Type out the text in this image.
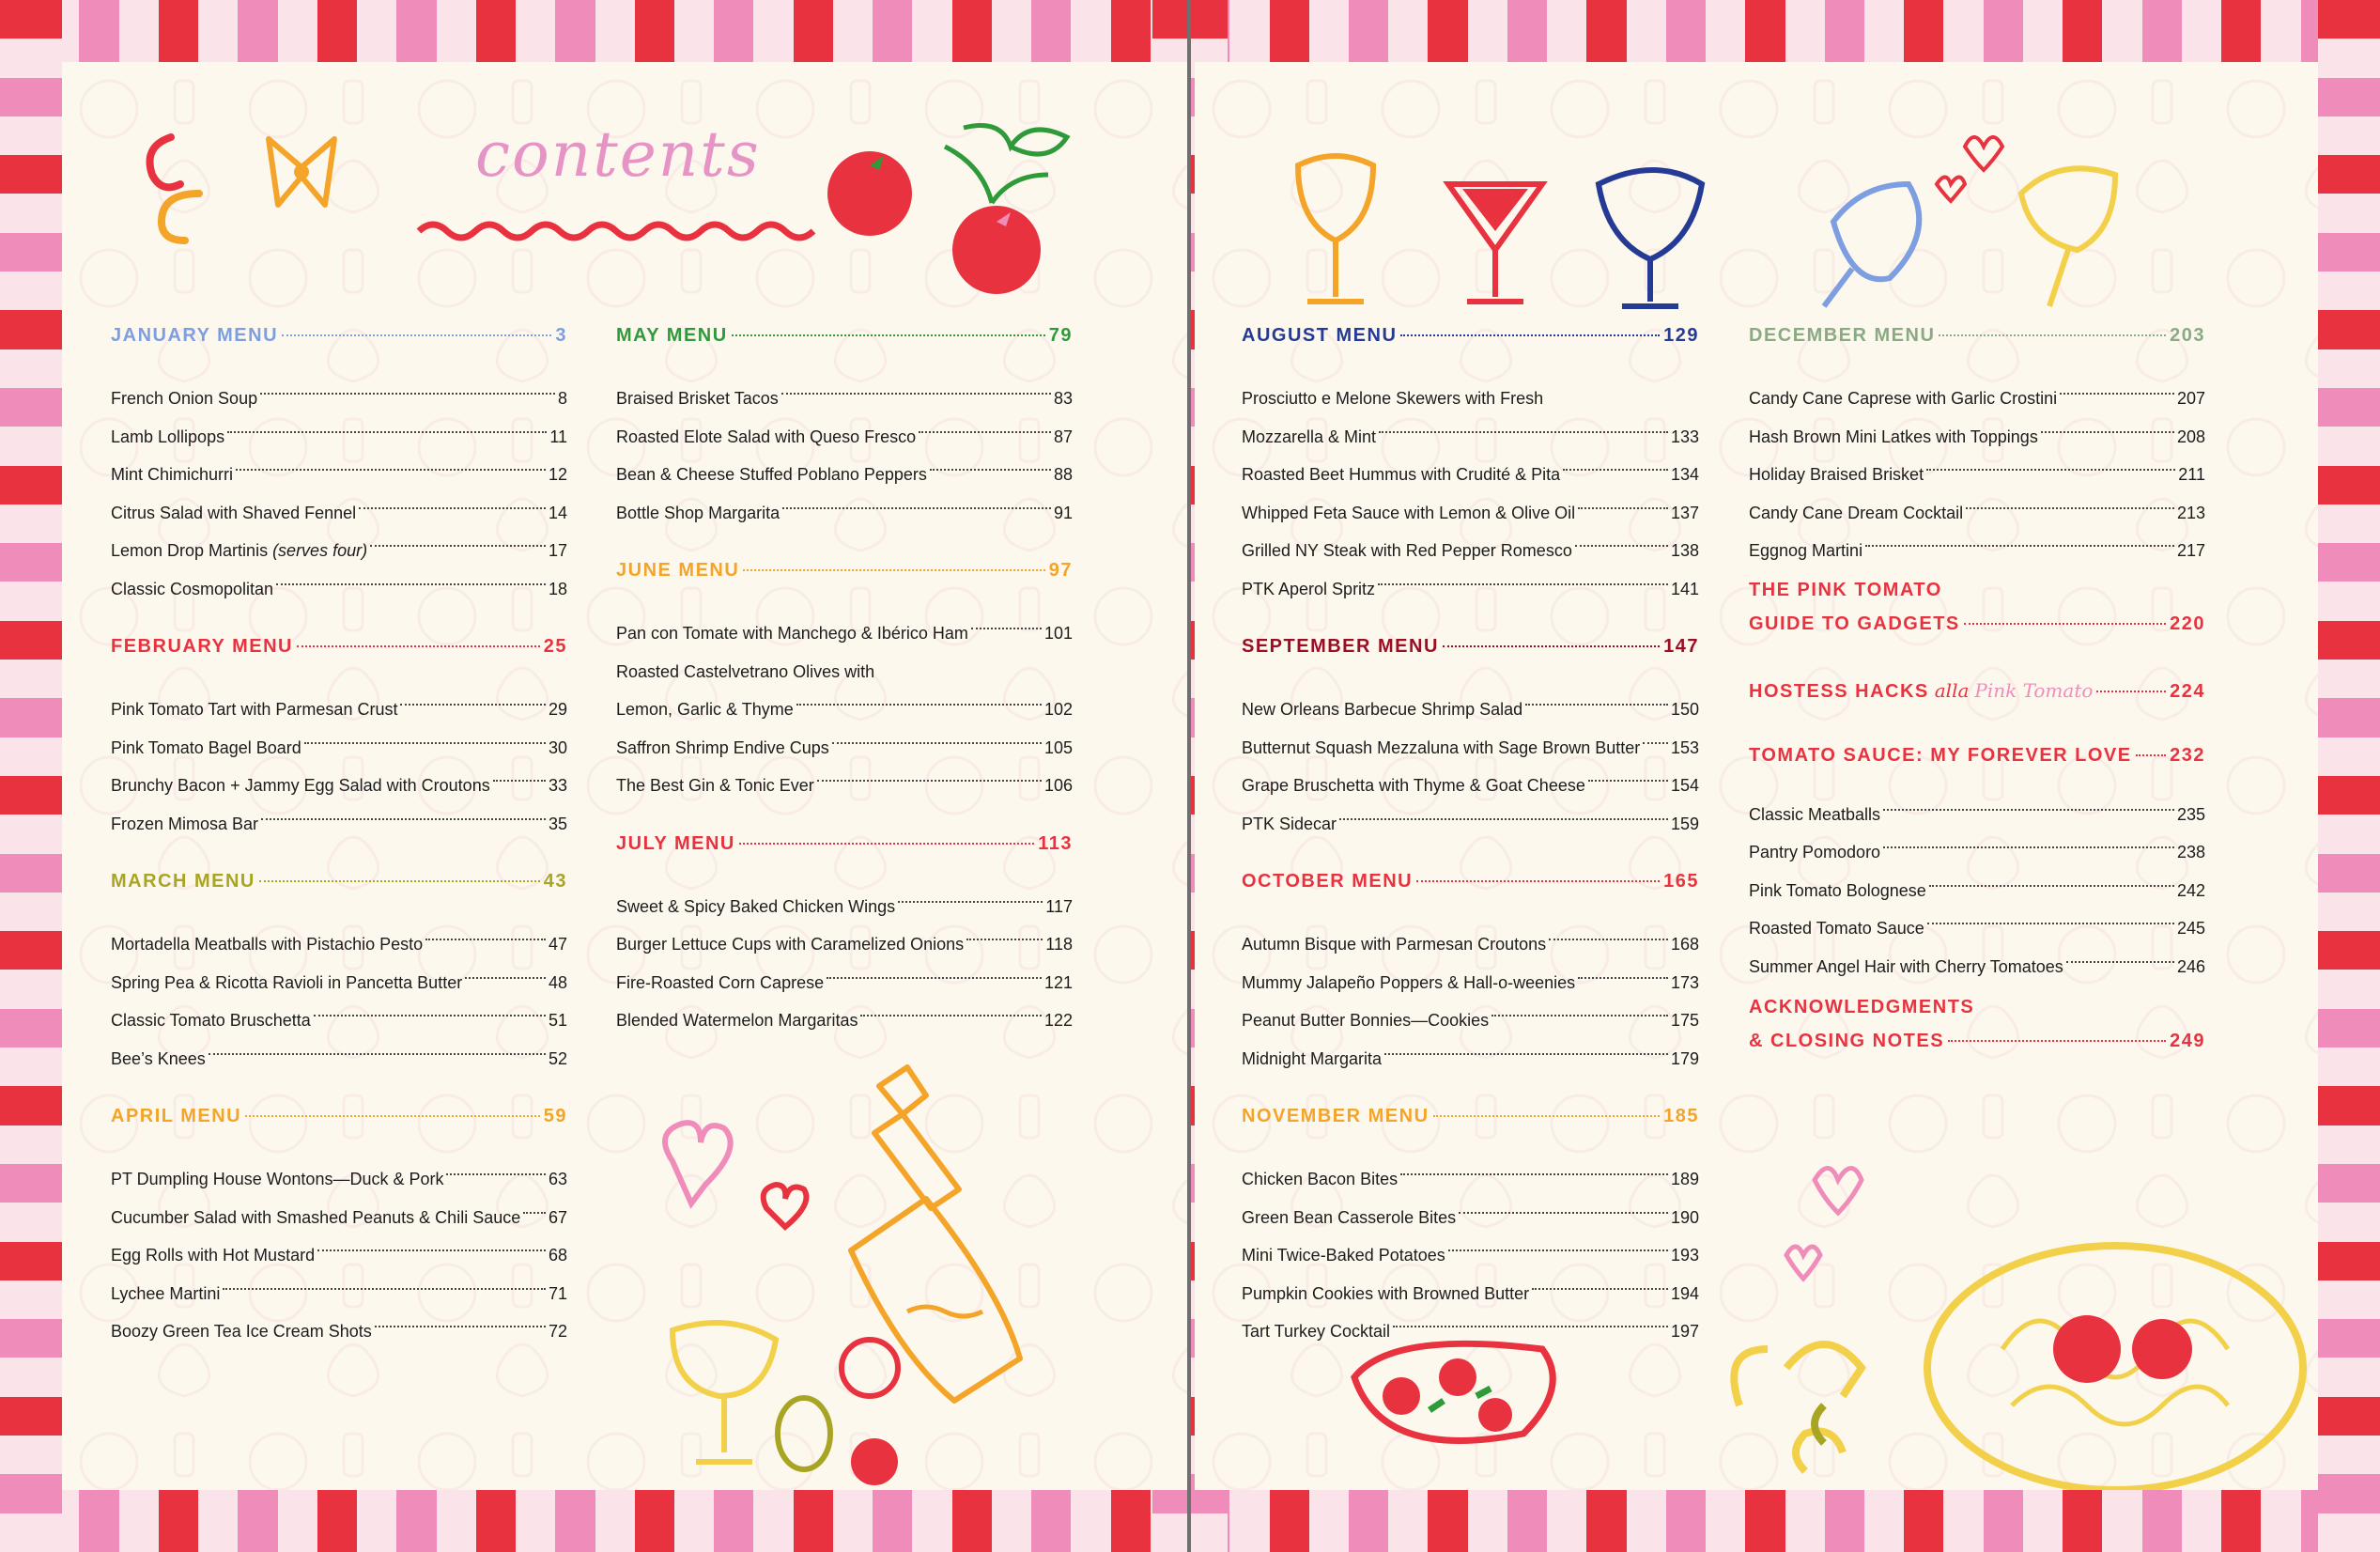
contents
JANUARY MENU	3
French Onion Soup	8
Lamb Lollipops	11
Mint Chimichurri	12
Citrus Salad with Shaved Fennel	14
Lemon Drop Martinis (serves four)	17
Classic Cosmopolitan	18
FEBRUARY MENU	25
Pink Tomato Tart with Parmesan Crust	29
Pink Tomato Bagel Board	30
Brunchy Bacon + Jammy Egg Salad with Croutons	33
Frozen Mimosa Bar	35
MARCH MENU	43
Mortadella Meatballs with Pistachio Pesto	47
Spring Pea & Ricotta Ravioli in Pancetta Butter	48
Classic Tomato Bruschetta	51
Bee’s Knees	52
APRIL MENU	59
PT Dumpling House Wontons—Duck & Pork	63
Cucumber Salad with Smashed Peanuts & Chili Sauce 67
Egg Rolls with Hot Mustard	68
Lychee Martini	71
Boozy Green Tea Ice Cream Shots	72
MAY MENU	79
Braised Brisket Tacos	83
Roasted Elote Salad with Queso Fresco	87
Bean & Cheese Stuffed Poblano Peppers	88
Bottle Shop Margarita	91
JUNE MENU	97
Pan con Tomate with Manchego & Ibérico Ham	101
Roasted Castelvetrano Olives with
Lemon, Garlic & Thyme	102
Saffron Shrimp Endive Cups	105
The Best Gin & Tonic Ever	106
JULY MENU	113
Sweet & Spicy Baked Chicken Wings	117
Burger Lettuce Cups with Caramelized Onions	118
Fire-Roasted Corn Caprese	121
Blended Watermelon Margaritas	122
AUGUST MENU	129
Prosciutto e Melone Skewers with Fresh
Mozzarella & Mint	133
Roasted Beet Hummus with Crudité & Pita	134
Whipped Feta Sauce with Lemon & Olive Oil	137
Grilled NY Steak with Red Pepper Romesco	138
PTK Aperol Spritz	141
SEPTEMBER MENU	147
New Orleans Barbecue Shrimp Salad	150
Butternut Squash Mezzaluna with Sage Brown Butter 153
Grape Bruschetta with Thyme & Goat Cheese	154
PTK Sidecar	159
OCTOBER MENU	165
Autumn Bisque with Parmesan Croutons	168
Mummy Jalapeño Poppers & Hall-o-weenies	173
Peanut Butter Bonnies—Cookies	175
Midnight Margarita	179
NOVEMBER MENU	185
Chicken Bacon Bites	189
Green Bean Casserole Bites	190
Mini Twice-Baked Potatoes	193
Pumpkin Cookies with Browned Butter	194
Tart Turkey Cocktail	197
DECEMBER MENU	203
Candy Cane Caprese with Garlic Crostini	207
Hash Brown Mini Latkes with Toppings	208
Holiday Braised Brisket	211
Candy Cane Dream Cocktail	213
Eggnog Martini	217
THE PINK TOMATO
GUIDE TO GADGETS	220
HOSTESS HACKS alla Pink Tomato	224
TOMATO SAUCE: MY FOREVER LOVE 232
Classic Meatballs	235
Pantry Pomodoro	238
Pink Tomato Bolognese	242
Roasted Tomato Sauce	245
Summer Angel Hair with Cherry Tomatoes	246
ACKNOWLEDGMENTS
& CLOSING NOTES	249
